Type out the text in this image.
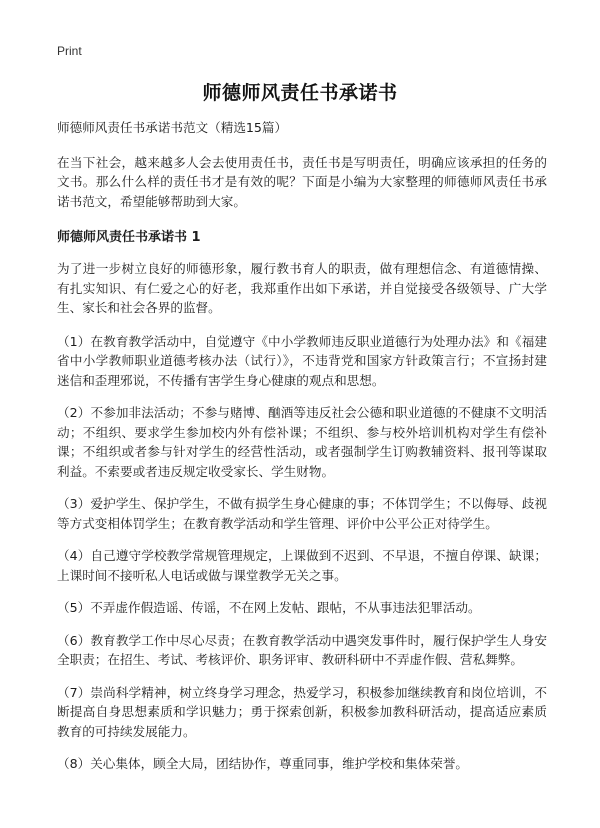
Print
师德师风责任书承诺书

师德师风责任书承诺书范文（精选15篇）

在当下社会，越来越多人会去使用责任书，责任书是写明责任，明确应该承担的任务的文书。那么什么样的责任书才是有效的呢？下面是小编为大家整理的师德师风责任书承诺书范文，希望能够帮助到大家。

师德师风责任书承诺书 1

为了进一步树立良好的师德形象，履行教书育人的职责，做有理想信念、有道德情操、有扎实知识、有仁爱之心的好老，我郑重作出如下承诺，并自觉接受各级领导、广大学生、家长和社会各界的监督。

（1）在教育教学活动中，自觉遵守《中小学教师违反职业道德行为处理办法》和《福建省中小学教师职业道德考核办法（试行）》，不违背党和国家方针政策言行；不宣扬封建迷信和歪理邪说，不传播有害学生身心健康的观点和思想。

（2）不参加非法活动；不参与赌博、酗酒等违反社会公德和职业道德的不健康不文明活动；不组织、要求学生参加校内外有偿补课；不组织、参与校外培训机构对学生有偿补课；不组织或者参与针对学生的经营性活动，或者强制学生订购教辅资料、报刊等谋取利益。不索要或者违反规定收受家长、学生财物。

（3）爱护学生、保护学生，不做有损学生身心健康的事；不体罚学生；不以侮辱、歧视等方式变相体罚学生；在教育教学活动和学生管理、评价中公平公正对待学生。

（4）自己遵守学校教学常规管理规定，上课做到不迟到、不早退，不擅自停课、缺课；上课时间不接听私人电话或做与课堂教学无关之事。

（5）不弄虚作假造谣、传谣，不在网上发帖、跟帖，不从事违法犯罪活动。

（6）教育教学工作中尽心尽责；在教育教学活动中遇突发事件时，履行保护学生人身安全职责；在招生、考试、考核评价、职务评审、教研科研中不弄虚作假、营私舞弊。

（7）崇尚科学精神，树立终身学习理念，热爱学习，积极参加继续教育和岗位培训，不断提高自身思想素质和学识魅力；勇于探索创新，积极参加教科研活动，提高适应素质教育的可持续发展能力。

（8）关心集体，顾全大局，团结协作，尊重同事，维护学校和集体荣誉。
